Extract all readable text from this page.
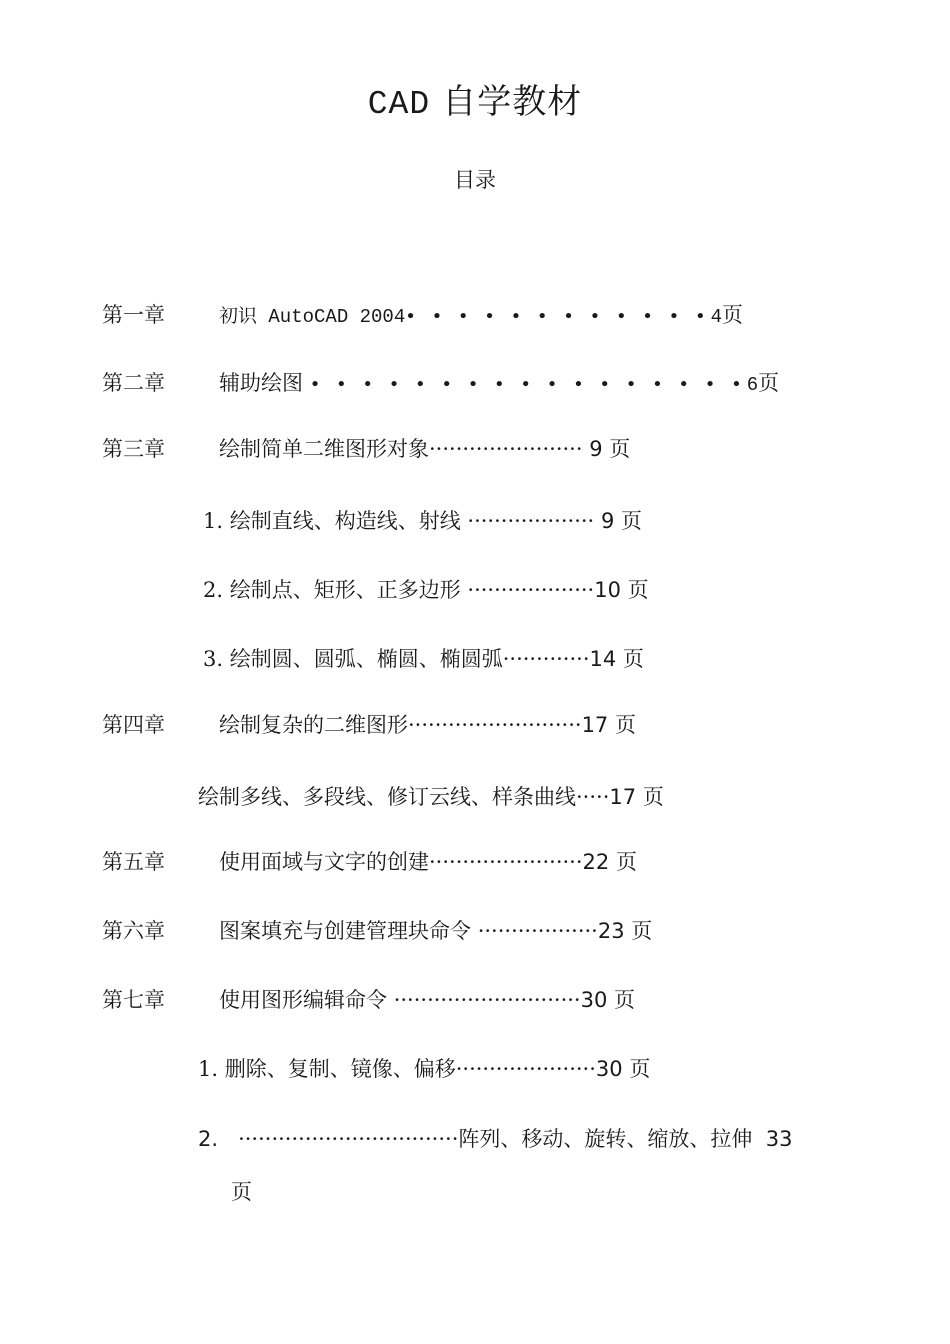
CAD 自学教材
目录
第一章	初识 AutoCAD 2004• • • • • • • • • • • •4页
第二章	辅助绘图 • • • • • • • • • • • • • • • • •6页
第三章	绘制简单二维图形对象······················· 9 页
1. 绘制直线、构造线、射线 ··················· 9 页
2. 绘制点、矩形、正多边形 ···················10 页
3. 绘制圆、圆弧、椭圆、椭圆弧·············14 页
第四章	绘制复杂的二维图形··························17 页
绘制多线、多段线、修订云线、样条曲线·····17 页
第五章	使用面域与文字的创建·······················22 页
第六章	图案填充与创建管理块命令 ··················23 页
第七章	使用图形编辑命令 ····························30 页
1. 删除、复制、镜像、偏移·····················30 页
2. ·································阵列、移动、旋转、缩放、拉伸 33
页
